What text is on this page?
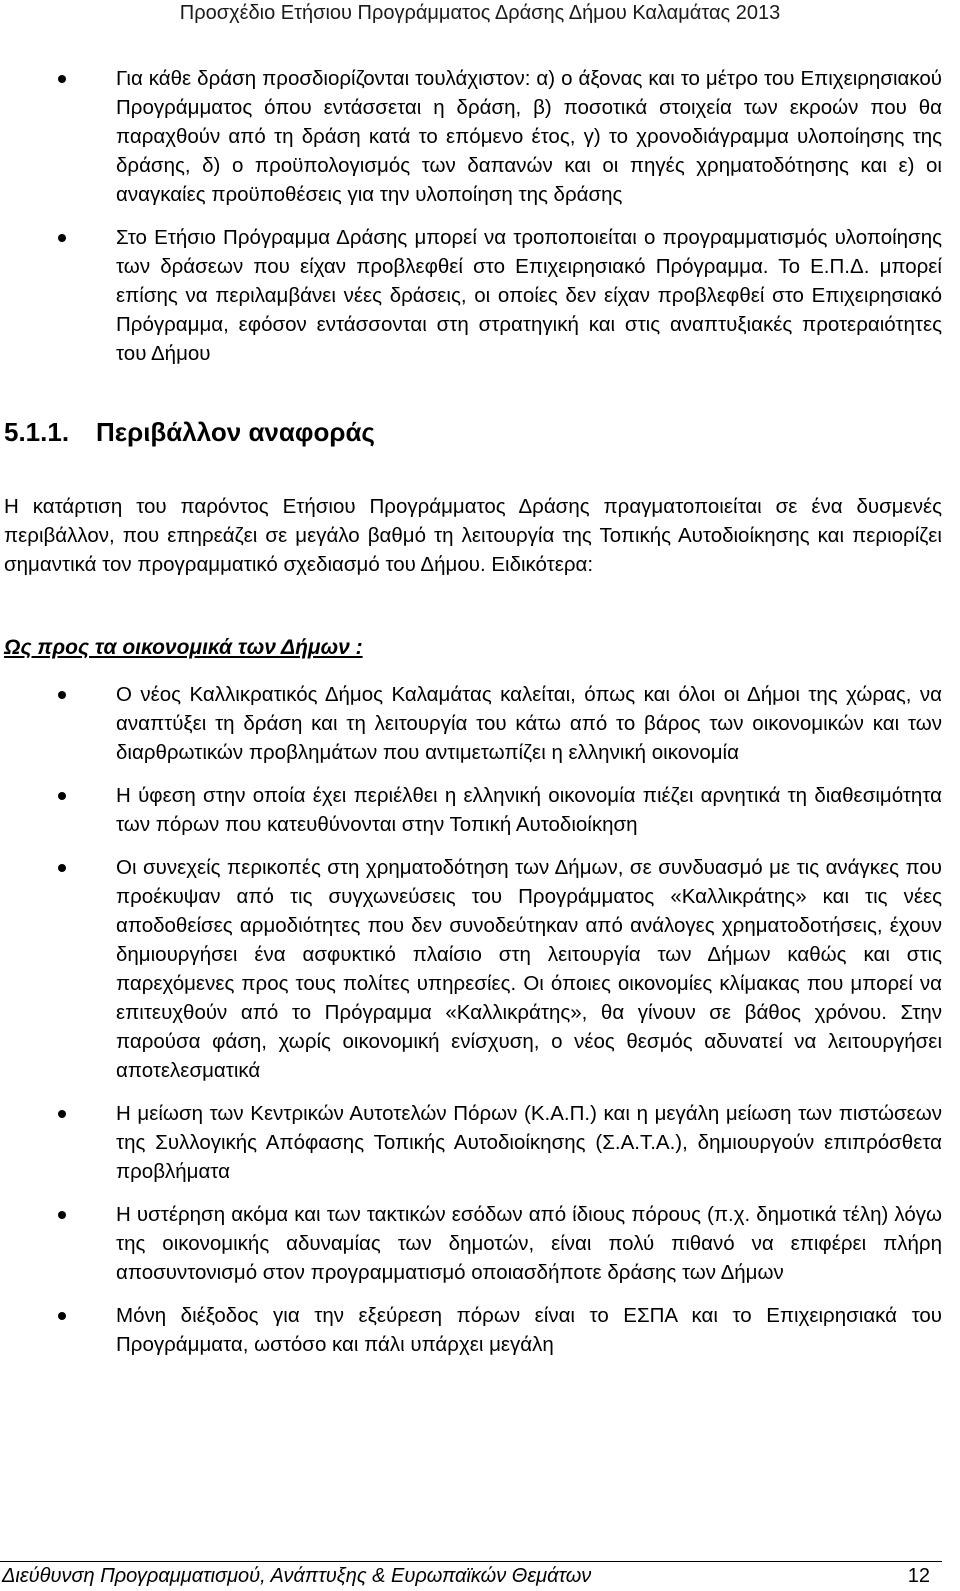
Προσχέδιο Ετήσιου Προγράμματος Δράσης Δήμου Καλαμάτας 2013
Για κάθε δράση προσδιορίζονται τουλάχιστον: α) ο άξονας και το μέτρο του Επιχειρησιακού Προγράμματος όπου εντάσσεται η δράση, β) ποσοτικά στοιχεία των εκροών που θα παραχθούν από τη δράση κατά το επόμενο έτος, γ) το χρονοδιάγραμμα υλοποίησης της δράσης, δ) ο προϋπολογισμός των δαπανών και οι πηγές χρηματοδότησης και ε) οι αναγκαίες προϋποθέσεις για την υλοποίηση της δράσης
Στο Ετήσιο Πρόγραμμα Δράσης μπορεί να τροποποιείται ο προγραμματισμός υλοποίησης των δράσεων που είχαν προβλεφθεί στο Επιχειρησιακό Πρόγραμμα. Το Ε.Π.Δ. μπορεί επίσης να περιλαμβάνει νέες δράσεις, οι οποίες δεν είχαν προβλεφθεί στο Επιχειρησιακό Πρόγραμμα, εφόσον εντάσσονται στη στρατηγική και στις αναπτυξιακές προτεραιότητες του Δήμου
5.1.1. Περιβάλλον αναφοράς

Η κατάρτιση του παρόντος Ετήσιου Προγράμματος Δράσης πραγματοποιείται σε ένα δυσμενές περιβάλλον, που επηρεάζει σε μεγάλο βαθμό τη λειτουργία της Τοπικής Αυτοδιοίκησης και περιορίζει σημαντικά τον προγραμματικό σχεδιασμό του Δήμου. Ειδικότερα:

Ως προς τα οικονομικά των Δήμων :
Ο νέος Καλλικρατικός Δήμος Καλαμάτας καλείται, όπως και όλοι οι Δήμοι της χώρας, να αναπτύξει τη δράση και τη λειτουργία του κάτω από το βάρος των οικονομικών και των διαρθρωτικών προβλημάτων που αντιμετωπίζει η ελληνική οικονομία
Η ύφεση στην οποία έχει περιέλθει η ελληνική οικονομία πιέζει αρνητικά τη διαθεσιμότητα των πόρων που κατευθύνονται στην Τοπική Αυτοδιοίκηση
Οι συνεχείς περικοπές στη χρηματοδότηση των Δήμων, σε συνδυασμό με τις ανάγκες που προέκυψαν από τις συγχωνεύσεις του Προγράμματος «Καλλικράτης» και τις νέες αποδοθείσες αρμοδιότητες που δεν συνοδεύτηκαν από ανάλογες χρηματοδοτήσεις, έχουν δημιουργήσει ένα ασφυκτικό πλαίσιο στη λειτουργία των Δήμων καθώς και στις παρεχόμενες προς τους πολίτες υπηρεσίες. Οι όποιες οικονομίες κλίμακας που μπορεί να επιτευχθούν από το Πρόγραμμα «Καλλικράτης», θα γίνουν σε βάθος χρόνου. Στην παρούσα φάση, χωρίς οικονομική ενίσχυση, ο νέος θεσμός αδυνατεί να λειτουργήσει αποτελεσματικά
Η μείωση των Κεντρικών Αυτοτελών Πόρων (Κ.Α.Π.) και η μεγάλη μείωση των πιστώσεων της Συλλογικής Απόφασης Τοπικής Αυτοδιοίκησης (Σ.Α.Τ.Α.), δημιουργούν επιπρόσθετα προβλήματα
Η υστέρηση ακόμα και των τακτικών εσόδων από ίδιους πόρους (π.χ. δημοτικά τέλη) λόγω της οικονομικής αδυναμίας των δημοτών, είναι πολύ πιθανό να επιφέρει πλήρη αποσυντονισμό στον προγραμματισμό οποιασδήποτε δράσης των Δήμων
Μόνη διέξοδος για την εξεύρεση πόρων είναι το ΕΣΠΑ και το Επιχειρησιακά του Προγράμματα, ωστόσο και πάλι υπάρχει μεγάλη
Διεύθυνση Προγραμματισμού, Ανάπτυξης & Ευρωπαϊκών Θεμάτων	12
